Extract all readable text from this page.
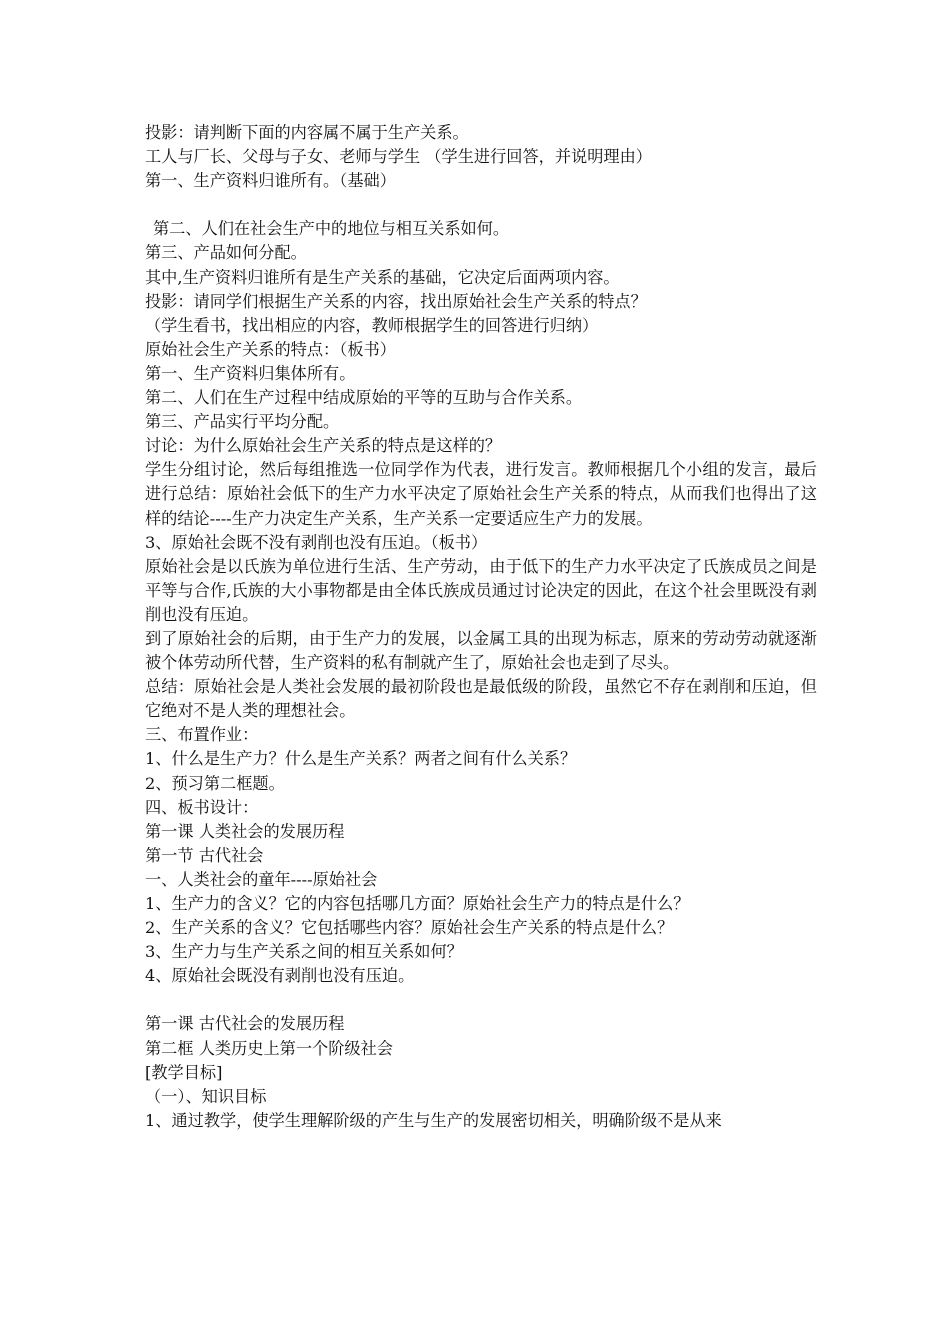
投影：请判断下面的内容属不属于生产关系。

工人与厂长、父母与子女、老师与学生 （学生进行回答，并说明理由）

第一、生产资料归谁所有。（基础）

第二、人们在社会生产中的地位与相互关系如何。

第三、产品如何分配。

其中,生产资料归谁所有是生产关系的基础，它决定后面两项内容。

投影：请同学们根据生产关系的内容，找出原始社会生产关系的特点？

（学生看书，找出相应的内容，教师根据学生的回答进行归纳）

原始社会生产关系的特点：（板书）

第一、生产资料归集体所有。

第二、人们在生产过程中结成原始的平等的互助与合作关系。

第三、产品实行平均分配。

讨论：为什么原始社会生产关系的特点是这样的？

学生分组讨论，然后每组推选一位同学作为代表，进行发言。教师根据几个小组的发言，最后进行总结：原始社会低下的生产力水平决定了原始社会生产关系的特点，从而我们也得出了这样的结论----生产力决定生产关系，生产关系一定要适应生产力的发展。

3、原始社会既不没有剥削也没有压迫。（板书）

原始社会是以氏族为单位进行生活、生产劳动，由于低下的生产力水平决定了氏族成员之间是平等与合作,氏族的大小事物都是由全体氏族成员通过讨论决定的因此，在这个社会里既没有剥削也没有压迫。

到了原始社会的后期，由于生产力的发展，以金属工具的出现为标志，原来的劳动劳动就逐渐被个体劳动所代替，生产资料的私有制就产生了，原始社会也走到了尽头。

总结：原始社会是人类社会发展的最初阶段也是最低级的阶段，虽然它不存在剥削和压迫，但它绝对不是人类的理想社会。

三、布置作业：

1、什么是生产力？什么是生产关系？两者之间有什么关系？

2、预习第二框题。

四、板书设计：

第一课 人类社会的发展历程

第一节 古代社会

一、人类社会的童年----原始社会

1、生产力的含义？它的内容包括哪几方面？原始社会生产力的特点是什么？

2、生产关系的含义？它包括哪些内容？原始社会生产关系的特点是什么？

3、生产力与生产关系之间的相互关系如何？

4、原始社会既没有剥削也没有压迫。

第一课 古代社会的发展历程

第二框 人类历史上第一个阶级社会

[教学目标]

（一）、知识目标

1、通过教学，使学生理解阶级的产生与生产的发展密切相关，明确阶级不是从来
